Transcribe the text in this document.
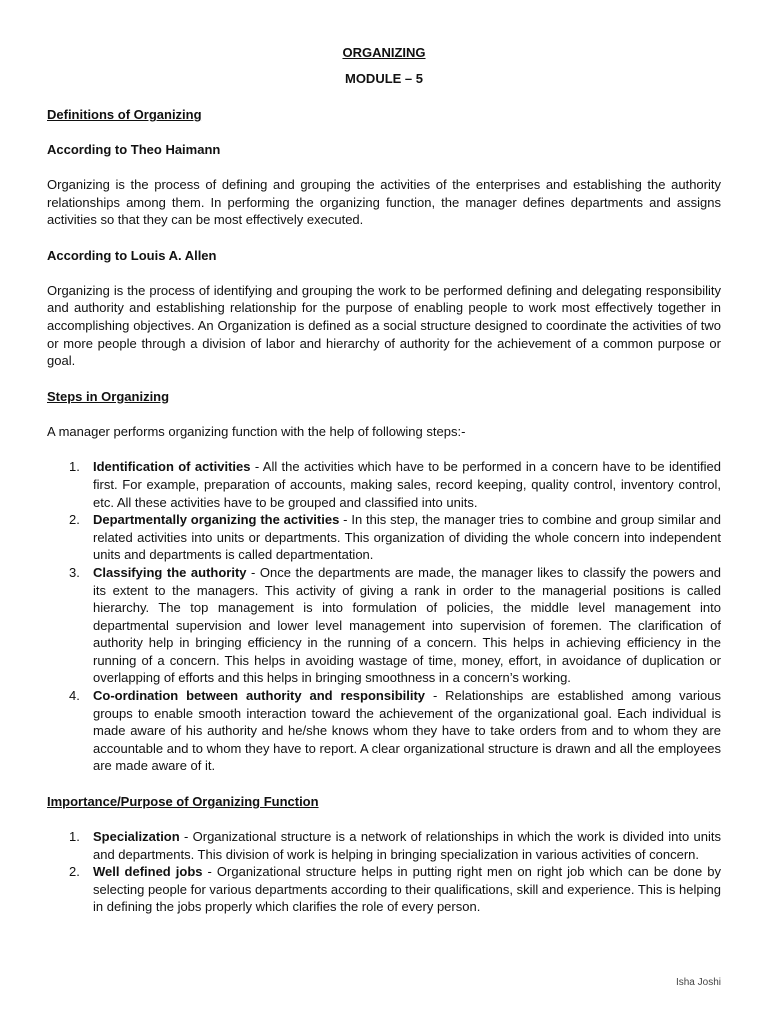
ORGANIZING
MODULE – 5
Definitions of Organizing
According to Theo Haimann

Organizing is the process of defining and grouping the activities of the enterprises and establishing the authority relationships among them. In performing the organizing function, the manager defines departments and assigns activities so that they can be most effectively executed.

According to Louis A. Allen

Organizing is the process of identifying and grouping the work to be performed defining and delegating responsibility and authority and establishing relationship for the purpose of enabling people to work most effectively together in accomplishing objectives. An Organization is defined as a social structure designed to coordinate the activities of two or more people through a division of labor and hierarchy of authority for the achievement of a common purpose or goal.

Steps in Organizing

A manager performs organizing function with the help of following steps:-

1. Identification of activities - All the activities which have to be performed in a concern have to be identified first. For example, preparation of accounts, making sales, record keeping, quality control, inventory control, etc. All these activities have to be grouped and classified into units.
2. Departmentally organizing the activities - In this step, the manager tries to combine and group similar and related activities into units or departments. This organization of dividing the whole concern into independent units and departments is called departmentation.
3. Classifying the authority - Once the departments are made, the manager likes to classify the powers and its extent to the managers. This activity of giving a rank in order to the managerial positions is called hierarchy. The top management is into formulation of policies, the middle level management into departmental supervision and lower level management into supervision of foremen. The clarification of authority help in bringing efficiency in the running of a concern. This helps in achieving efficiency in the running of a concern. This helps in avoiding wastage of time, money, effort, in avoidance of duplication or overlapping of efforts and this helps in bringing smoothness in a concern’s working.
4. Co-ordination between authority and responsibility - Relationships are established among various groups to enable smooth interaction toward the achievement of the organizational goal. Each individual is made aware of his authority and he/she knows whom they have to take orders from and to whom they are accountable and to whom they have to report. A clear organizational structure is drawn and all the employees are made aware of it.
Importance/Purpose of Organizing Function
1. Specialization - Organizational structure is a network of relationships in which the work is divided into units and departments. This division of work is helping in bringing specialization in various activities of concern.
2. Well defined jobs - Organizational structure helps in putting right men on right job which can be done by selecting people for various departments according to their qualifications, skill and experience. This is helping in defining the jobs properly which clarifies the role of every person.
Isha Joshi
